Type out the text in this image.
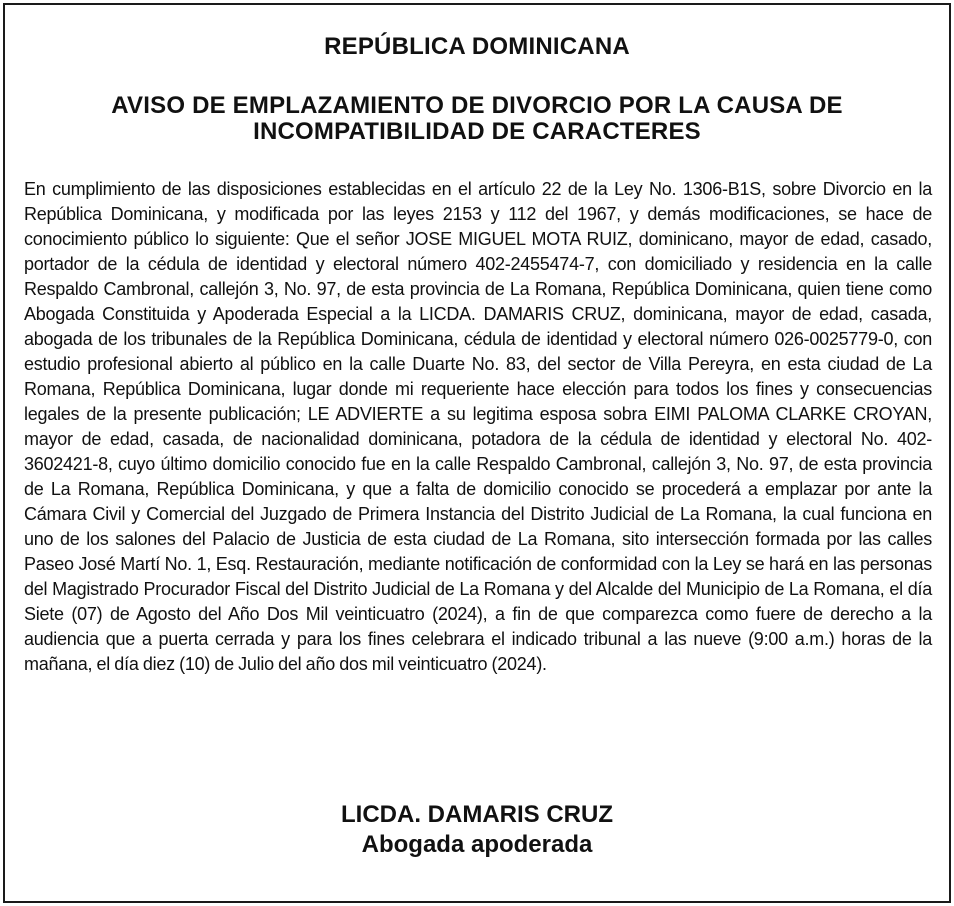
REPÚBLICA DOMINICANA
AVISO DE EMPLAZAMIENTO DE DIVORCIO POR LA CAUSA DE INCOMPATIBILIDAD DE CARACTERES

En cumplimiento de las disposiciones establecidas en el artículo 22 de la Ley No. 1306-B1S, sobre Divorcio en la República Dominicana, y modificada por las leyes 2153 y 112 del 1967, y demás modificaciones, se hace de conocimiento público lo siguiente: Que el señor JOSE MIGUEL MOTA RUIZ, dominicano, mayor de edad, casado, portador de la cédula de identidad y electoral número 402-2455474-7, con domiciliado y residencia en la calle Respaldo Cambronal, callejón 3, No. 97, de esta provincia de La Romana, República Dominicana, quien tiene como Abogada Constituida y Apoderada Especial a la LICDA. DAMARIS CRUZ, dominicana, mayor de edad, casada, abogada de los tribunales de la República Dominicana, cédula de identidad y electoral número 026-0025779-0, con estudio profesional abierto al público en la calle Duarte No. 83, del sector de Villa Pereyra, en esta ciudad de La Romana, República Dominicana, lugar donde mi requeriente hace elección para todos los fines y consecuencias legales de la presente publicación; LE ADVIERTE a su legitima esposa sobra EIMI PALOMA CLARKE CROYAN, mayor de edad, casada, de nacionalidad dominicana, potadora de la cédula de identidad y electoral No. 402-3602421-8, cuyo último domicilio conocido fue en la calle Respaldo Cambronal, callejón 3, No. 97, de esta provincia de La Romana, República Dominicana, y que a falta de domicilio conocido se procederá a emplazar por ante la Cámara Civil y Comercial del Juzgado de Primera Instancia del Distrito Judicial de La Romana, la cual funciona en uno de los salones del Palacio de Justicia de esta ciudad de La Romana, sito intersección formada por las calles Paseo José Martí No. 1, Esq. Restauración, mediante notificación de conformidad con la Ley se hará en las personas del Magistrado Procurador Fiscal del Distrito Judicial de La Romana y del Alcalde del Municipio de La Romana, el día Siete (07) de Agosto del Año Dos Mil veinticuatro (2024), a fin de que comparezca como fuere de derecho a la audiencia que a puerta cerrada y para los fines celebrara el indicado tribunal a las nueve (9:00 a.m.) horas de la mañana, el día diez (10) de Julio del año dos mil veinticuatro (2024).

LICDA. DAMARIS CRUZ
Abogada apoderada
